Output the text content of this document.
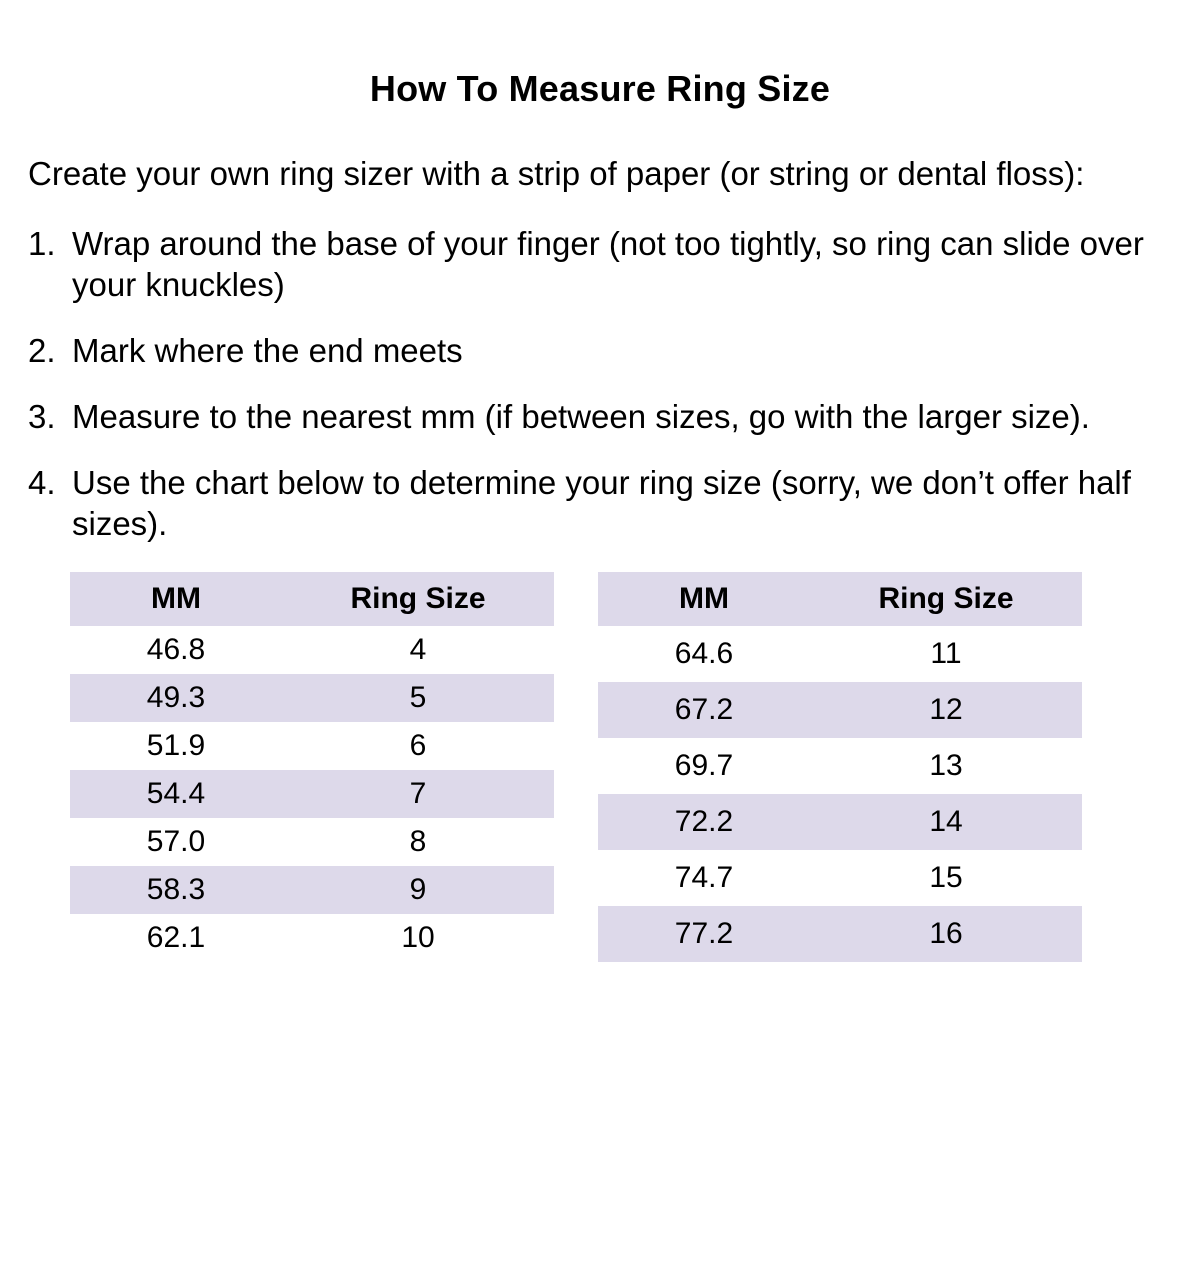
How To Measure Ring Size

Create your own ring sizer with a strip of paper (or string or dental floss):

1. Wrap around the base of your finger (not too tightly, so ring can slide over your knuckles)
2. Mark where the end meets
3. Measure to the nearest mm (if between sizes, go with the larger size).
4. Use the chart below to determine your ring size (sorry, we don’t offer half sizes).
MM	Ring Size
46.8	4
49.3	5
51.9	6
54.4	7
57.0	8
58.3	9
62.1	10
MM	Ring Size
64.6	11
67.2	12
69.7	13
72.2	14
74.7	15
77.2	16
